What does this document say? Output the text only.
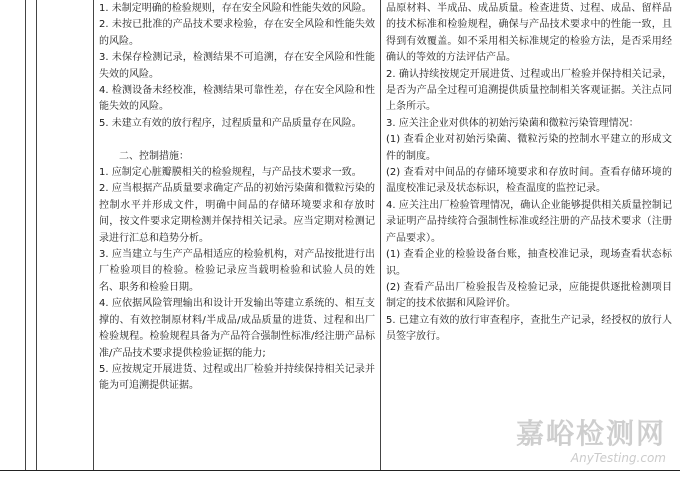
1. 未制定明确的检验规则，存在安全风险和性能失效的风险。

2. 未按已批准的产品技术要求检验，存在安全风险和性能失效的风险。

3. 未保存检测记录，检测结果不可追溯，存在安全风险和性能失效的风险。

4. 检测设备未经校准，检测结果可靠性差，存在安全风险和性能失效的风险。

5. 未建立有效的放行程序，过程质量和产品质量存在风险。

二、控制措施：

1. 应制定心脏瓣膜相关的检验规程，与产品技术要求一致。

2. 应当根据产品质量要求确定产品的初始污染菌和微粒污染的控制水平并形成文件，明确中间品的存储环境要求和存放时间，按文件要求定期检测并保持相关记录。应当定期对检测记录进行汇总和趋势分析。

3. 应当建立与生产产品相适应的检验机构，对产品按批进行出厂检验项目的检验。检验记录应当载明检验和试验人员的姓名、职务和检验日期。

4. 应依据风险管理输出和设计开发输出等建立系统的、相互支撑的、有效控制原材料/半成品/成品质量的进货、过程和出厂检验规程。检验规程具备为产品符合强制性标准/经注册产品标准/产品技术要求提供检验证据的能力;

5. 应按规定开展进货、过程或出厂检验并持续保持相关记录并能为可追溯提供证据。

品原材料、半成品、成品质量。检查进货、过程、成品、留样品的技术标准和检验规程，确保与产品技术要求中的性能一致，且得到有效覆盖。如不采用相关标准规定的检验方法，是否采用经确认的等效的方法评估产品。

2. 确认持续按规定开展进货、过程或出厂检验并保持相关记录，是否为产品全过程可追溯提供质量控制相关客观证据。关注点同上条所示。

3. 应关注企业对供体的初始污染菌和微粒污染管理情况：

(1) 查看企业对初始污染菌、微粒污染的控制水平建立的形成文件的制度。

(2) 查看对中间品的存储环境要求和存放时间。查看存储环境的温度校准记录及状态标识，检查温度的监控记录。

4. 应关注出厂检验管理情况，确认企业能够提供相关质量控制记录证明产品持续符合强制性标准或经注册的产品技术要求（注册产品要求）。

(1) 查看企业的检验设备台账，抽查校准记录，现场查看状态标识。

(2) 查看产品出厂检验报告及检验记录，应能提供逐批检测项目制定的技术依据和风险评价。

5. 已建立有效的放行审查程序，查批生产记录，经授权的放行人员签字放行。

嘉峪检测网
AnyTesting.com
